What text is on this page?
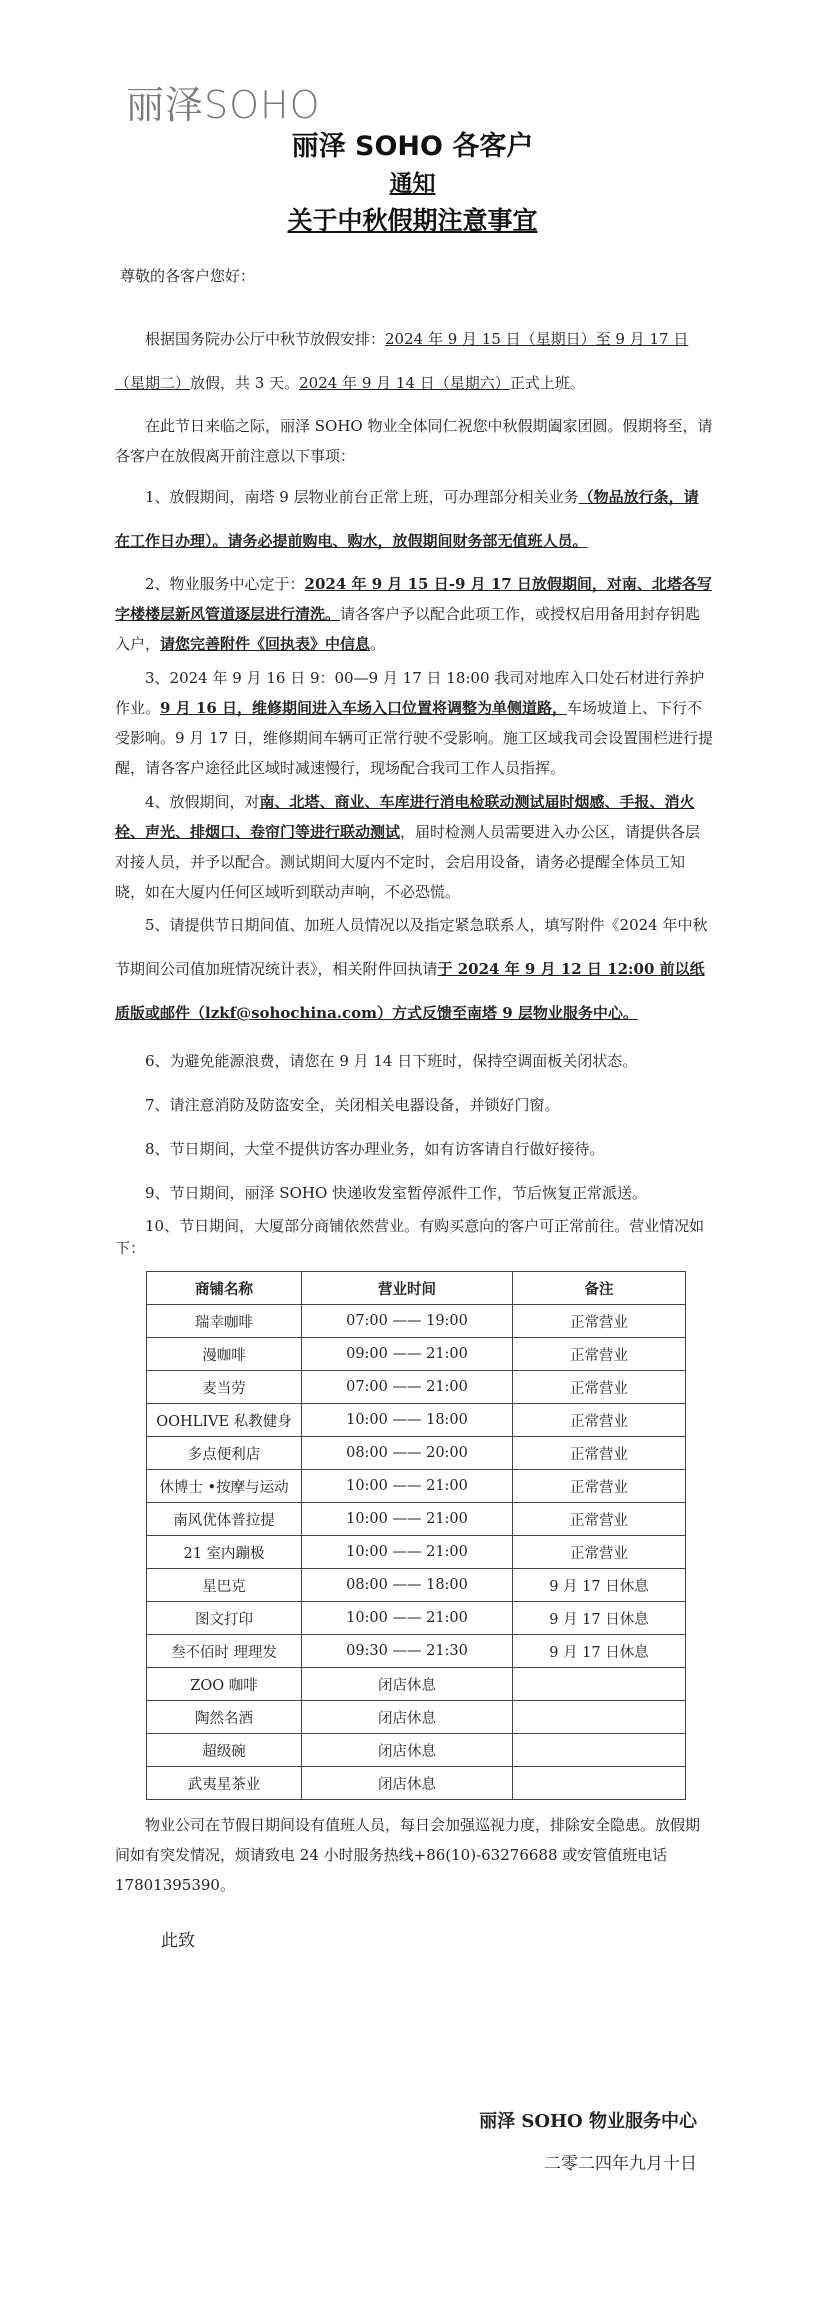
丽泽SOHO
丽泽 SOHO 各客户
通知
关于中秋假期注意事宜
尊敬的各客户您好：

根据国务院办公厅中秋节放假安排：2024 年 9 月 15 日（星期日）至 9 月 17 日（星期二）放假，共 3 天。2024 年 9 月 14 日（星期六）正式上班。

在此节日来临之际，丽泽 SOHO 物业全体同仁祝您中秋假期阖家团圆。假期将至，请各客户在放假离开前注意以下事项：

1、放假期间，南塔 9 层物业前台正常上班，可办理部分相关业务（物品放行条，请在工作日办理）。请务必提前购电、购水，放假期间财务部无值班人员。

2、物业服务中心定于：2024 年 9 月 15 日-9 月 17 日放假期间，对南、北塔各写字楼楼层新风管道逐层进行清洗。请各客户予以配合此项工作，或授权启用备用封存钥匙入户，请您完善附件《回执表》中信息。

3、2024 年 9 月 16 日 9：00—9 月 17 日 18:00 我司对地库入口处石材进行养护作业。9 月 16 日，维修期间进入车场入口位置将调整为单侧道路，车场坡道上、下行不受影响。9 月 17 日，维修期间车辆可正常行驶不受影响。施工区域我司会设置围栏进行提醒，请各客户途径此区域时减速慢行，现场配合我司工作人员指挥。

4、放假期间，对南、北塔、商业、车库进行消电检联动测试届时烟感、手报、消火栓、声光、排烟口、卷帘门等进行联动测试，届时检测人员需要进入办公区，请提供各层对接人员，并予以配合。测试期间大厦内不定时，会启用设备，请务必提醒全体员工知晓，如在大厦内任何区域听到联动声响，不必恐慌。

5、请提供节日期间值、加班人员情况以及指定紧急联系人，填写附件《2024 年中秋节期间公司值加班情况统计表》，相关附件回执请于 2024 年 9 月 12 日 12:00 前以纸质版或邮件（lzkf@sohochina.com）方式反馈至南塔 9 层物业服务中心。

6、为避免能源浪费，请您在 9 月 14 日下班时，保持空调面板关闭状态。

7、请注意消防及防盗安全，关闭相关电器设备，并锁好门窗。

8、节日期间，大堂不提供访客办理业务，如有访客请自行做好接待。

9、节日期间，丽泽 SOHO 快递收发室暂停派件工作，节后恢复正常派送。

10、节日期间，大厦部分商铺依然营业。有购买意向的客户可正常前往。营业情况如下：

商铺名称	营业时间	备注
瑞幸咖啡	07:00 —— 19:00	正常营业
漫咖啡	09:00 —— 21:00	正常营业
麦当劳	07:00 —— 21:00	正常营业
OOHLIVE 私教健身	10:00 —— 18:00	正常营业
多点便利店	08:00 —— 20:00	正常营业
休博士 •按摩与运动	10:00 —— 21:00	正常营业
南风优体普拉提	10:00 —— 21:00	正常营业
21 室内蹦极	10:00 —— 21:00	正常营业
星巴克	08:00 —— 18:00	9 月 17 日休息
图文打印	10:00 —— 21:00	9 月 17 日休息
叁不佰时 理理发	09:30 —— 21:30	9 月 17 日休息
ZOO 咖啡	闭店休息	
陶然名酒	闭店休息	
超级碗	闭店休息	
武夷星茶业	闭店休息	

物业公司在节假日期间设有值班人员，每日会加强巡视力度，排除安全隐患。放假期间如有突发情况，烦请致电 24 小时服务热线+86(10)-63276688 或安管值班电话 17801395390。

此致
丽泽 SOHO 物业服务中心
二零二四年九月十日
